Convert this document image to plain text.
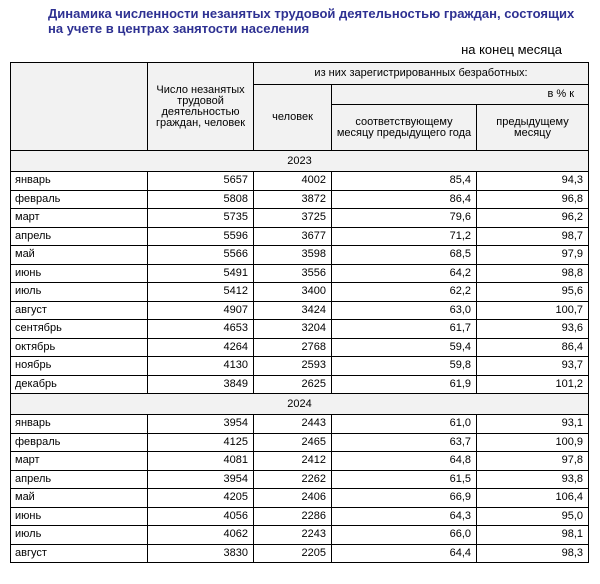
Динамика численности незанятых трудовой деятельностью граждан, состоящих на учете в центрах занятости населения
на конец месяца
	Число незанятых трудовой деятельностью граждан, человек	из них зарегистрированных безработных:		
		человек	в % к	
			соответствующему месяцу предыдущего года	предыдущему месяцу
2023				
январь	5657	4002	85,4	94,3
февраль	5808	3872	86,4	96,8
март	5735	3725	79,6	96,2
апрель	5596	3677	71,2	98,7
май	5566	3598	68,5	97,9
июнь	5491	3556	64,2	98,8
июль	5412	3400	62,2	95,6
август	4907	3424	63,0	100,7
сентябрь	4653	3204	61,7	93,6
октябрь	4264	2768	59,4	86,4
ноябрь	4130	2593	59,8	93,7
декабрь	3849	2625	61,9	101,2
2024				
январь	3954	2443	61,0	93,1
февраль	4125	2465	63,7	100,9
март	4081	2412	64,8	97,8
апрель	3954	2262	61,5	93,8
май	4205	2406	66,9	106,4
июнь	4056	2286	64,3	95,0
июль	4062	2243	66,0	98,1
август	3830	2205	64,4	98,3
